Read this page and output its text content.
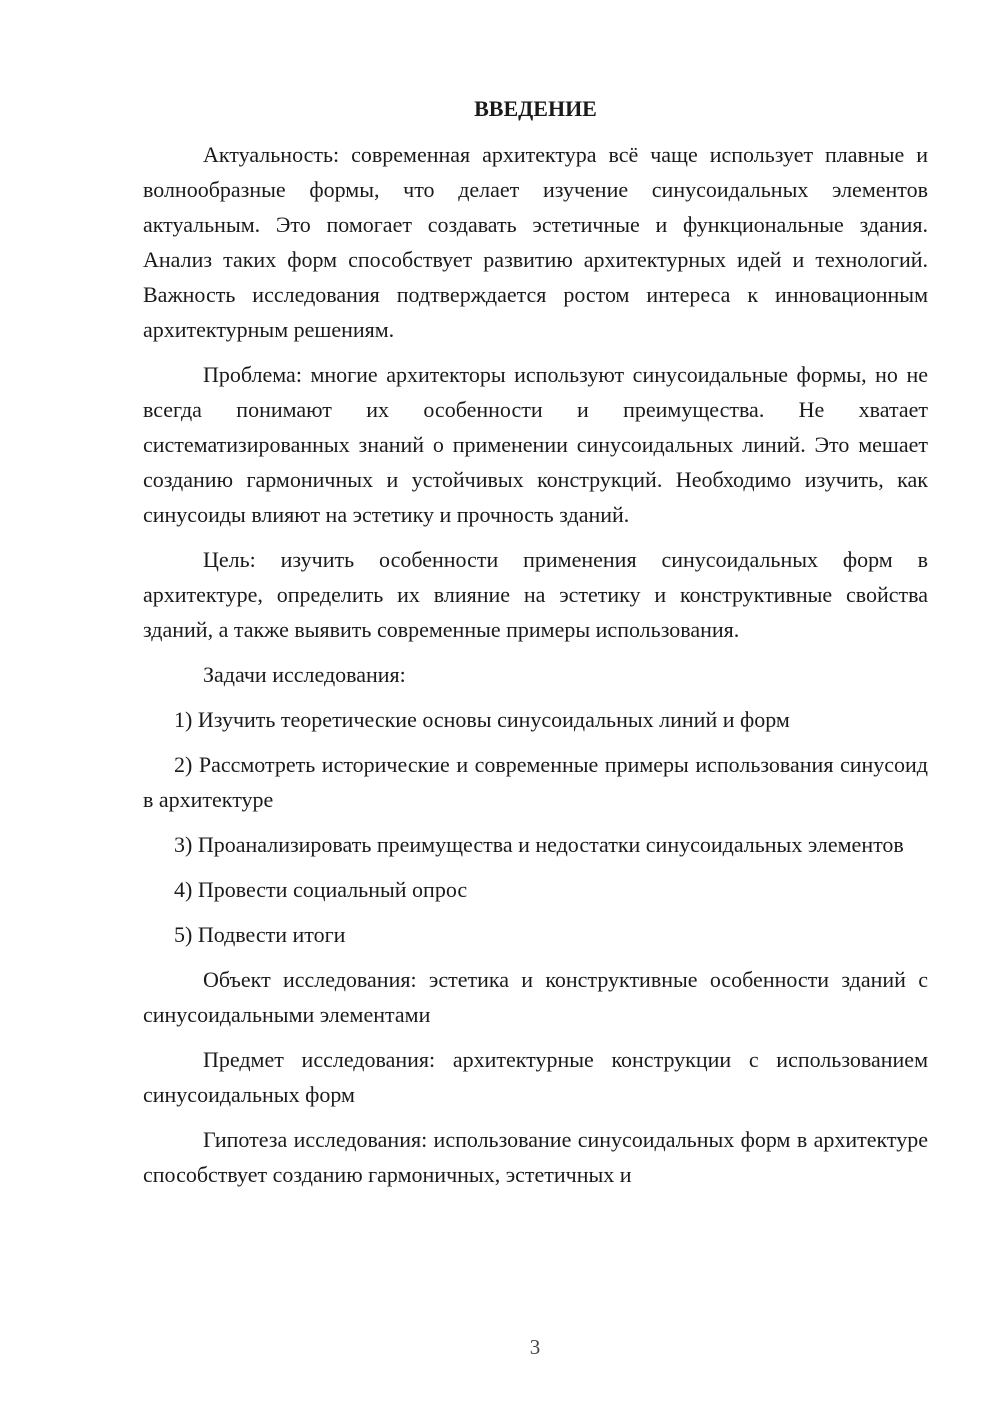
ВВЕДЕНИЕ

Актуальность: современная архитектура всё чаще использует плавные и волнообразные формы, что делает изучение синусоидальных элементов актуальным. Это помогает создавать эстетичные и функциональные здания. Анализ таких форм способствует развитию архитектурных идей и технологий. Важность исследования подтверждается ростом интереса к инновационным архитектурным решениям.

Проблема: многие архитекторы используют синусоидальные формы, но не всегда понимают их особенности и преимущества. Не хватает систематизированных знаний о применении синусоидальных линий. Это мешает созданию гармоничных и устойчивых конструкций. Необходимо изучить, как синусоиды влияют на эстетику и прочность зданий.

Цель: изучить особенности применения синусоидальных форм в архитектуре, определить их влияние на эстетику и конструктивные свойства зданий, а также выявить современные примеры использования.

Задачи исследования:

1) Изучить теоретические основы синусоидальных линий и форм

2) Рассмотреть исторические и современные примеры использования синусоид в архитектуре

3) Проанализировать преимущества и недостатки синусоидальных элементов

4) Провести социальный опрос

5) Подвести итоги

Объект исследования: эстетика и конструктивные особенности зданий с синусоидальными элементами

Предмет исследования: архитектурные конструкции с использованием синусоидальных форм

Гипотеза исследования: использование синусоидальных форм в архитектуре способствует созданию гармоничных, эстетичных и

3
